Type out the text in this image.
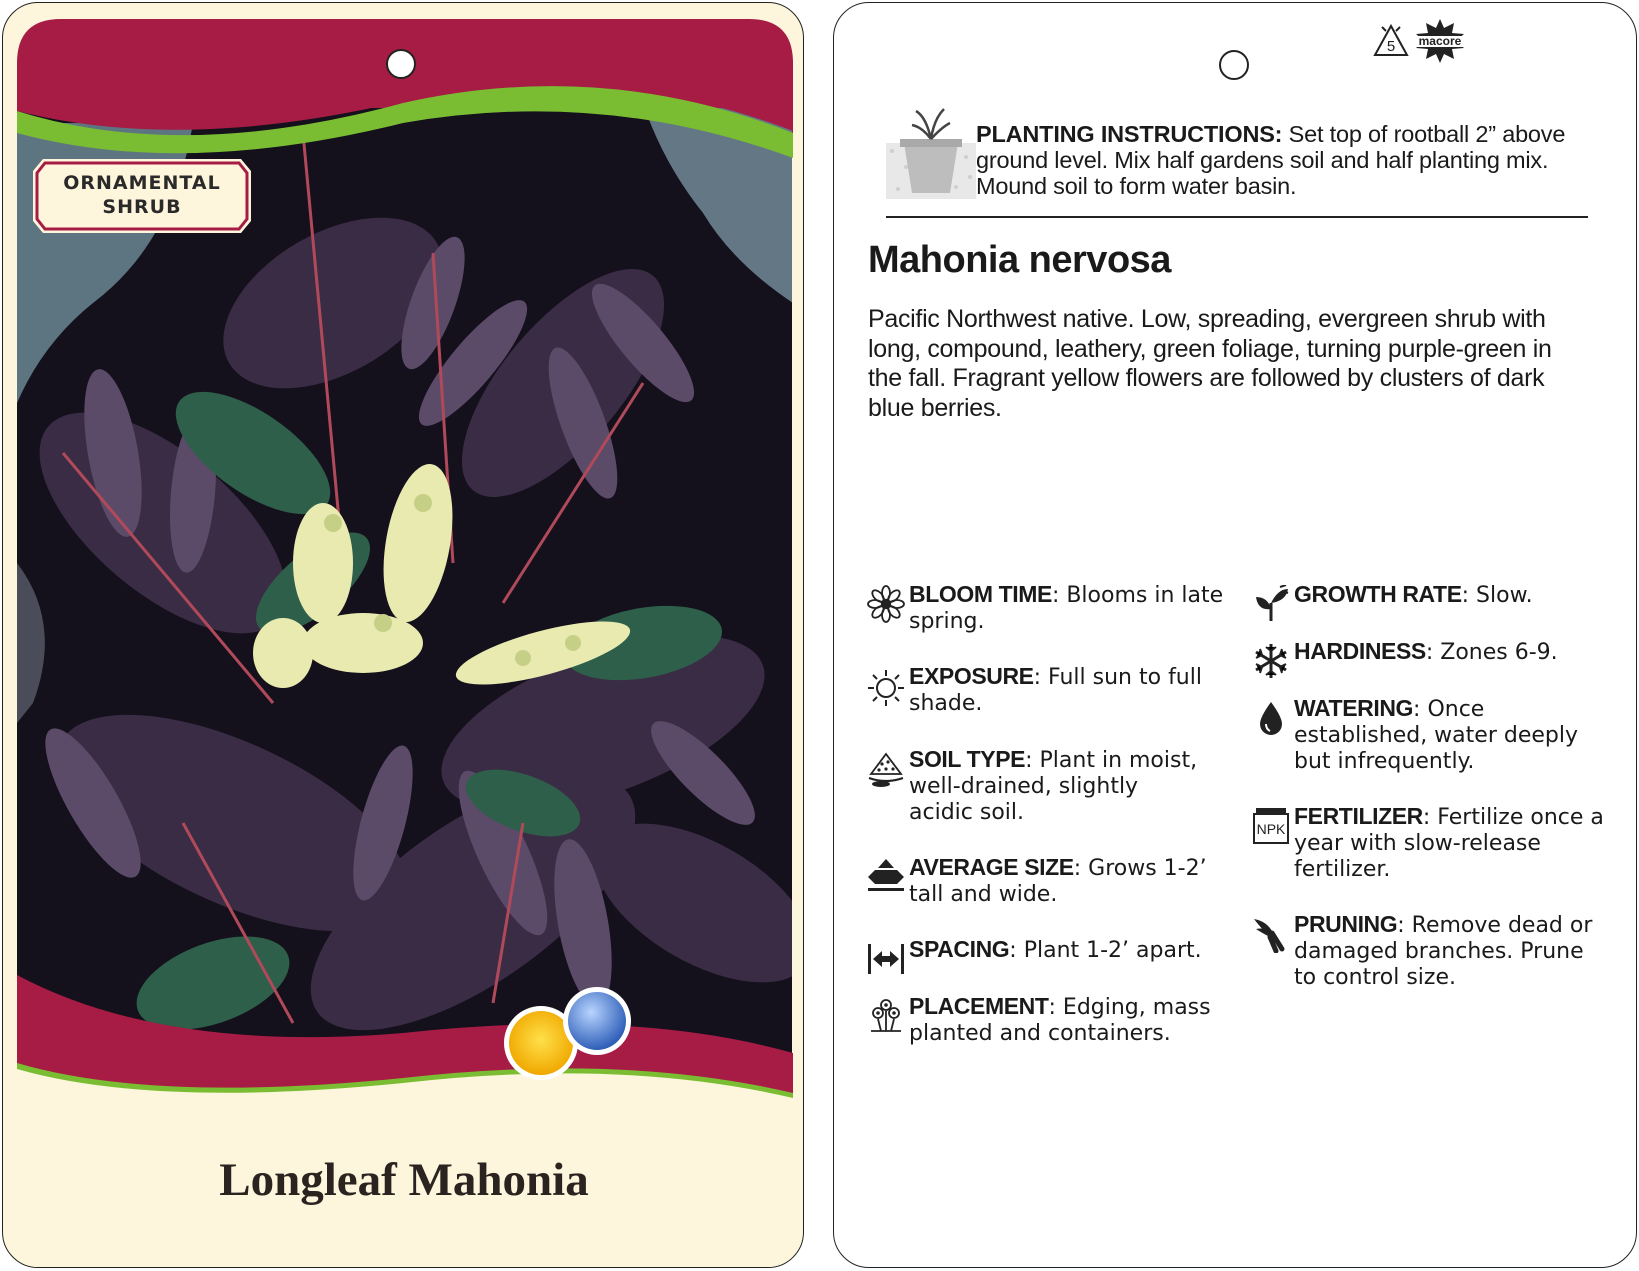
ORNAMENTAL
SHRUB
Longleaf Mahonia
5	macore
PLANTING INSTRUCTIONS: Set top of rootball 2” above
ground level. Mix half gardens soil and half planting mix.
Mound soil to form water basin.
Mahonia nervosa
Pacific Northwest native. Low, spreading, evergreen shrub with
long, compound, leathery, green foliage, turning purple-green in
the fall. Fragrant yellow flowers are followed by clusters of dark
blue berries.
BLOOM TIME: Blooms in late
spring.
EXPOSURE: Full sun to full
shade.
SOIL TYPE: Plant in moist,
well-drained, slightly
acidic soil.
AVERAGE SIZE: Grows 1-2’
tall and wide.
SPACING: Plant 1-2’ apart.
PLACEMENT: Edging, mass
planted and containers.
GROWTH RATE: Slow.
HARDINESS: Zones 6-9.
WATERING: Once
established, water deeply
but infrequently.
NPK FERTILIZER: Fertilize once a
year with slow-release
fertilizer.
PRUNING: Remove dead or
damaged branches. Prune
to control size.
